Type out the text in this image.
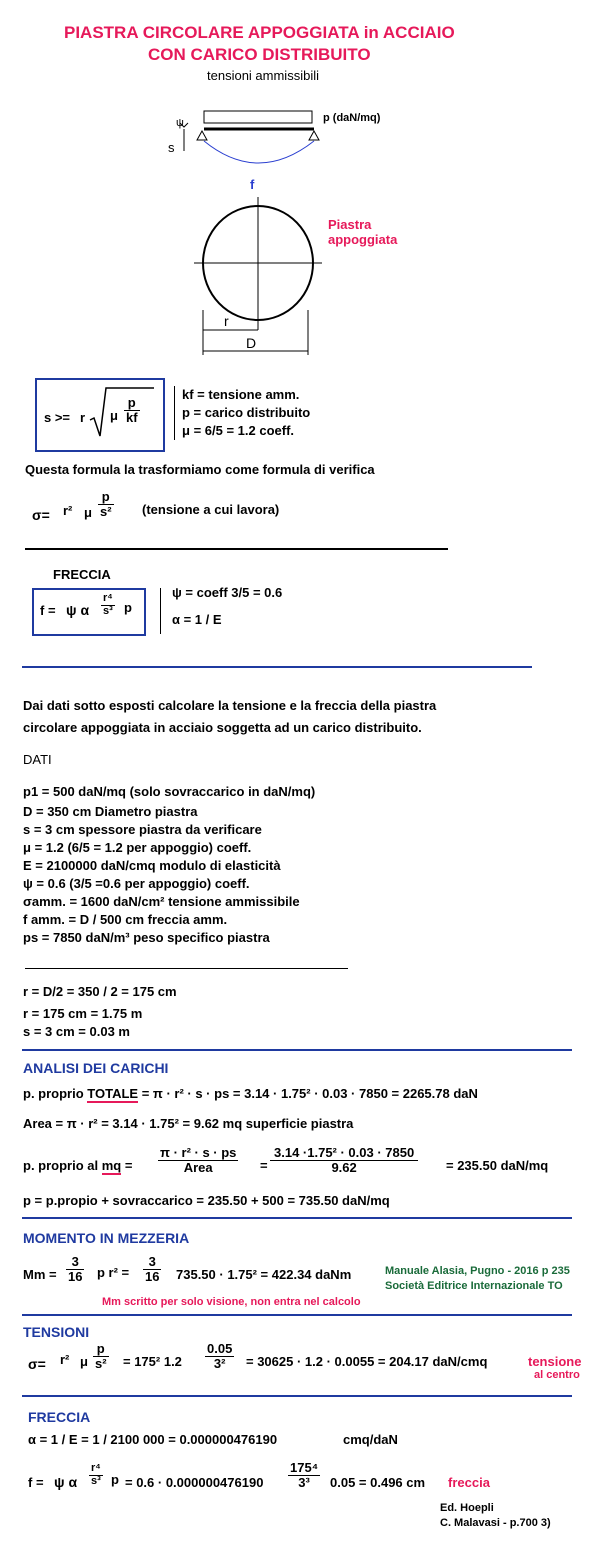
PIASTRA CIRCOLARE APPOGGIATA in ACCIAIO
CON CARICO DISTRIBUITO
tensioni ammissibili
p (daN/mq)
s
ψ
f
Piastra
appoggiata
r
D
s >= r μ $\frac{p}{kf}$
kf = tensione amm.
p = carico distribuito
μ = 6/5 = 1.2 coeff.
Questa formula la trasformiamo come formula di verifica
σ= r² μ $\frac{p}{\text{s²}}$ (tensione a cui lavora)
FRECCIA
f = ψ α $\frac{\text{r⁴}}{\text{s³}}$ p
ψ = coeff 3/5 = 0.6
α = 1 / E
Dai dati sotto esposti calcolare la tensione e la freccia della piastra
circolare appoggiata in acciaio soggetta ad un carico distribuito.
DATI
p1 = 500 daN/mq (solo sovraccarico in daN/mq)
D = 350 cm Diametro piastra
s = 3 cm spessore piastra da verificare
μ = 1.2 (6/5 = 1.2 per appoggio) coeff.
E = 2100000 daN/cmq modulo di elasticità
ψ = 0.6 (3/5 =0.6 per appoggio) coeff.
σamm. = 1600 daN/cm² tensione ammissibile
f amm. = D / 500 cm freccia amm.
ps = 7850 daN/m³ peso specifico piastra
r = D/2 = 350 / 2 = 175 cm
r = 175 cm = 1.75 m
s = 3 cm = 0.03 m
ANALISI DEI CARICHI
p. proprio TOTALE = π · r² · s · ps = 3.14 · 1.75² · 0.03 · 7850 = 2265.78 daN
Area = π · r² = 3.14 · 1.75² = 9.62 mq superficie piastra
p. proprio al mq =
π · r² · s · ps
Area	= $\frac{\text{3.14 ·1.75² · 0.03 · 7850}}{9.62} = 235.50$ daN/mq
p = p.propio + sovraccarico = 235.50 + 500 = 735.50 daN/mq
MOMENTO IN MEZZERIA
$Mm = \frac{3}{16}$ p $r^2 = \frac{3}{16} 735.50 \cdot 1.75^2 = 422.34$ daNm	Manuale Alasia, Pugno - 2016 p 235
Società Editrice Internazionale TO
Mm scritto per solo visione, non entra nel calcolo
TENSIONI
σ= r² μ $\frac{p}{\text{s²}} = 175^2$ $1.2 \frac{0.05}{\text{3²}} = 30625 \cdot 1.2 \cdot 0.0055 = 204.17$ daN/cmq	tensione
al centro
FRECCIA
α = 1 / E = 1 / 2100 000 = 0.000000476190	cmq/daN
f = ψ α $\frac{\text{r⁴}}{\text{s³}}$ $p = 0.6 \cdot 0.000000476190 \frac{\text{175⁴}}{\text{3³}} 0.05 = 0.496$ cm freccia
Ed. Hoepli
C. Malavasi - p.700 3)
